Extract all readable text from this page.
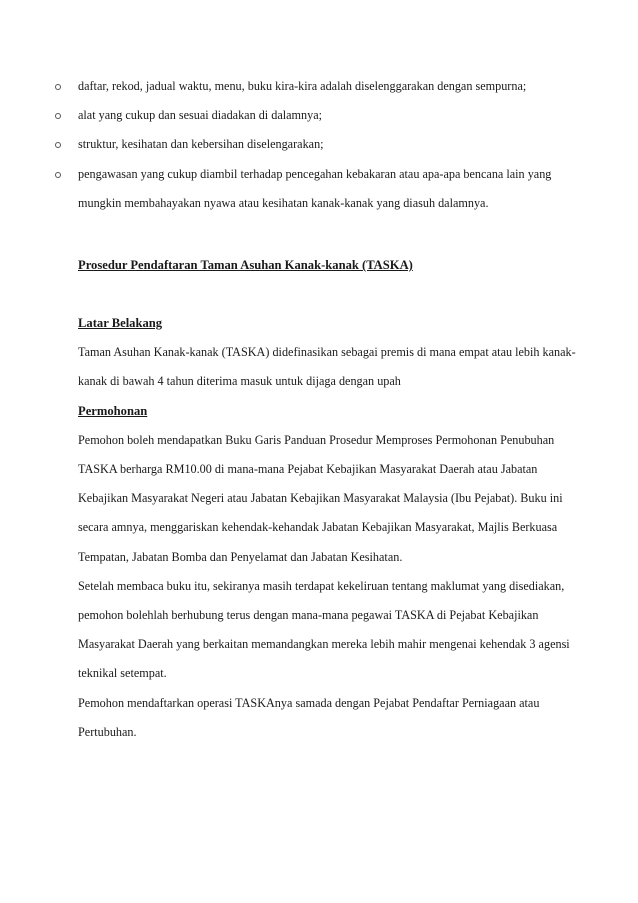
daftar, rekod, jadual waktu, menu, buku kira-kira adalah diselenggarakan dengan sempurna;
alat yang cukup dan sesuai diadakan di dalamnya;
struktur, kesihatan dan kebersihan diselengarakan;
pengawasan yang cukup diambil terhadap pencegahan kebakaran atau apa-apa bencana lain yang mungkin membahayakan nyawa atau kesihatan kanak-kanak yang diasuh dalamnya.
Prosedur Pendaftaran Taman Asuhan Kanak-kanak (TASKA)
Latar Belakang

Taman Asuhan Kanak-kanak (TASKA) didefinasikan sebagai premis di mana empat atau lebih kanak-kanak di bawah 4 tahun diterima masuk untuk dijaga dengan upah

Permohonan

Pemohon boleh mendapatkan Buku Garis Panduan Prosedur Memproses Permohonan Penubuhan TASKA berharga RM10.00 di mana-mana Pejabat Kebajikan Masyarakat Daerah atau Jabatan Kebajikan Masyarakat Negeri atau Jabatan Kebajikan Masyarakat Malaysia (Ibu Pejabat). Buku ini secara amnya, menggariskan kehendak-kehandak Jabatan Kebajikan Masyarakat, Majlis Berkuasa Tempatan, Jabatan Bomba dan Penyelamat dan Jabatan Kesihatan.

Setelah membaca buku itu, sekiranya masih terdapat kekeliruan tentang maklumat yang disediakan, pemohon bolehlah berhubung terus dengan mana-mana pegawai TASKA di Pejabat Kebajikan Masyarakat Daerah yang berkaitan memandangkan mereka lebih mahir mengenai kehendak 3 agensi teknikal setempat.

Pemohon mendaftarkan operasi TASKAnya samada dengan Pejabat Pendaftar Perniagaan atau Pertubuhan.
